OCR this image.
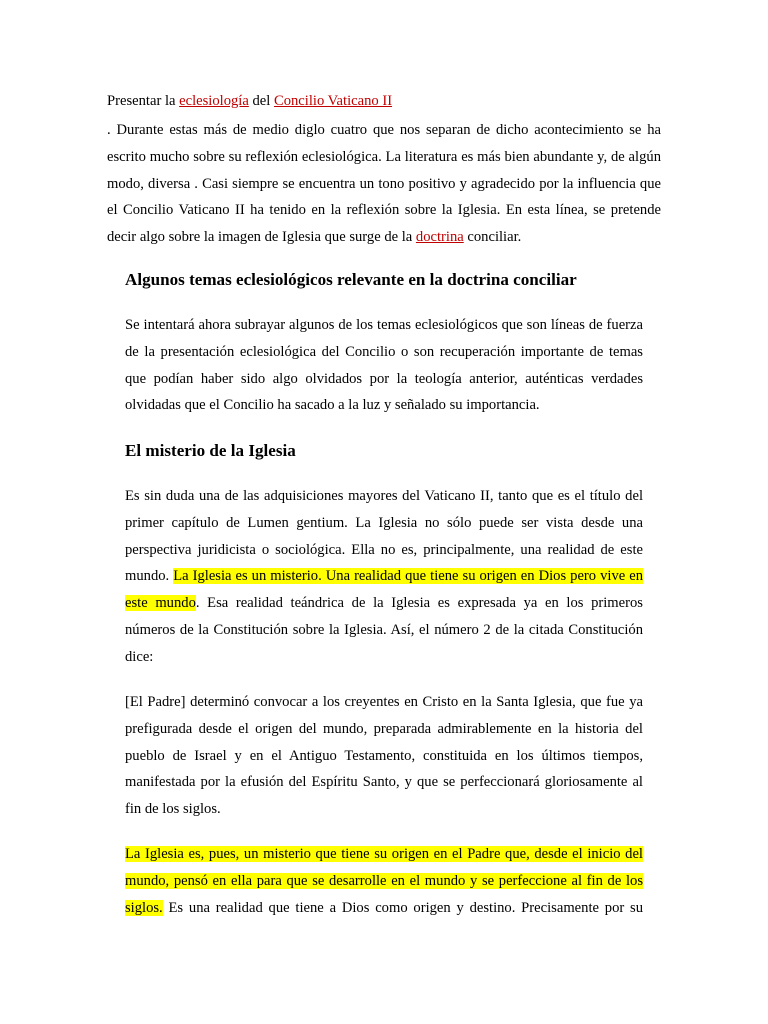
Presentar la eclesiología del Concilio Vaticano II

. Durante estas más de medio diglo cuatro que nos separan de dicho acontecimiento se ha escrito mucho sobre su reflexión eclesiológica. La literatura es más bien abundante y, de algún modo, diversa . Casi siempre se encuentra un tono positivo y agradecido por la influencia que el Concilio Vaticano II ha tenido en la reflexión sobre la Iglesia. En esta línea, se pretende decir algo sobre la imagen de Iglesia que surge de la doctrina conciliar.

Algunos temas eclesiológicos relevante en la doctrina conciliar

Se intentará ahora subrayar algunos de los temas eclesiológicos que son líneas de fuerza de la presentación eclesiológica del Concilio o son recuperación importante de temas que podían haber sido algo olvidados por la teología anterior, auténticas verdades olvidadas que el Concilio ha sacado a la luz y señalado su importancia.

El misterio de la Iglesia

Es sin duda una de las adquisiciones mayores del Vaticano II, tanto que es el título del primer capítulo de Lumen gentium. La Iglesia no sólo puede ser vista desde una perspectiva juridicista o sociológica. Ella no es, principalmente, una realidad de este mundo. La Iglesia es un misterio. Una realidad que tiene su origen en Dios pero vive en este mundo. Esa realidad teándrica de la Iglesia es expresada ya en los primeros números de la Constitución sobre la Iglesia. Así, el número 2 de la citada Constitución dice:

[El Padre] determinó convocar a los creyentes en Cristo en la Santa Iglesia, que fue ya prefigurada desde el origen del mundo, preparada admirablemente en la historia del pueblo de Israel y en el Antiguo Testamento, constituida en los últimos tiempos, manifestada por la efusión del Espíritu Santo, y que se perfeccionará gloriosamente al fin de los siglos.

La Iglesia es, pues, un misterio que tiene su origen en el Padre que, desde el inicio del mundo, pensó en ella para que se desarrolle en el mundo y se perfeccione al fin de los siglos. Es una realidad que tiene a Dios como origen y destino. Precisamente por su
